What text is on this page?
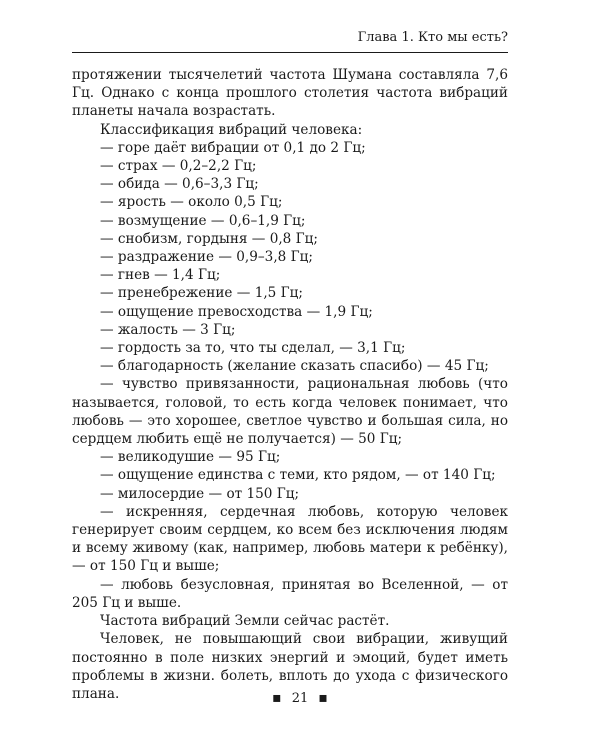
Глава 1. Кто мы есть?

протяжении тысячелетий частота Шумана составляла 7,6 Гц. Однако с конца прошлого столетия частота вибраций планеты начала возрастать.

Классификация вибраций человека:

— горе даёт вибрации от 0,1 до 2 Гц;

— страх — 0,2–2,2 Гц;

— обида — 0,6–3,3 Гц;

— ярость — около 0,5 Гц;

— возмущение — 0,6–1,9 Гц;

— снобизм, гордыня — 0,8 Гц;

— раздражение — 0,9–3,8 Гц;

— гнев — 1,4 Гц;

— пренебрежение — 1,5 Гц;

— ощущение превосходства — 1,9 Гц;

— жалость — 3 Гц;

— гордость за то, что ты сделал, — 3,1 Гц;

— благодарность (желание сказать спасибо) — 45 Гц;

— чувство привязанности, рациональная любовь (что называется, головой, то есть когда человек понимает, что любовь — это хорошее, светлое чувство и большая сила, но сердцем любить ещё не получается) — 50 Гц;

— великодушие — 95 Гц;

— ощущение единства с теми, кто рядом, — от 140 Гц;

— милосердие — от 150 Гц;

— искренняя, сердечная любовь, которую человек генерирует своим сердцем, ко всем без исключения людям и всему живому (как, например, любовь матери к ребёнку), — от 150 Гц и выше;

— любовь безусловная, принятая во Вселенной, — от 205 Гц и выше.

Частота вибраций Земли сейчас растёт.

Человек, не повышающий свои вибрации, живущий постоянно в поле низких энергий и эмоций, будет иметь проблемы в жизни. болеть, вплоть до ухода с физического плана.	▪ 21 ▪
